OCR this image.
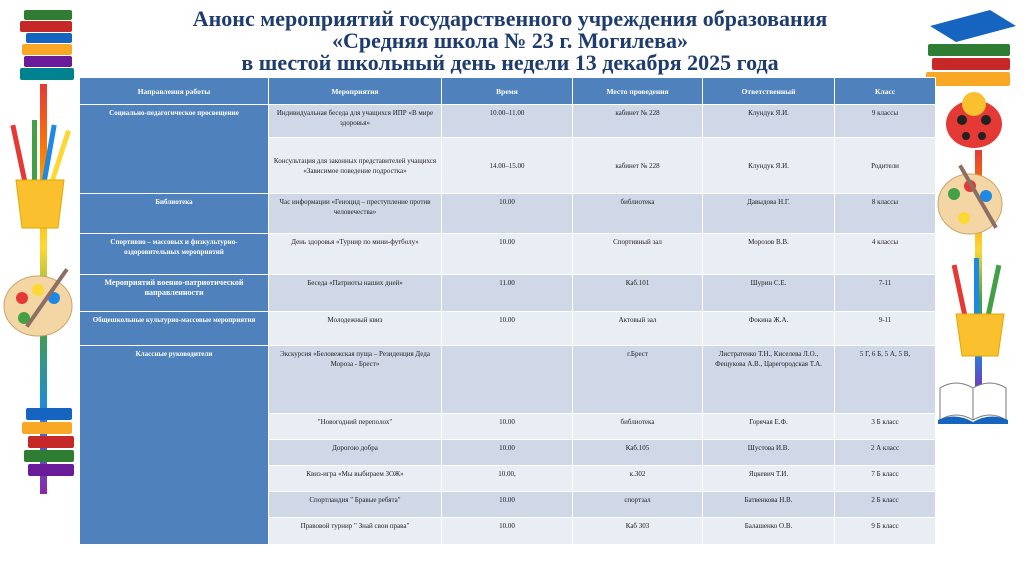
Анонс мероприятий государственного учреждения образования
«Средняя школа № 23 г. Могилева»
в шестой школьный день недели 13 декабря 2025 года
Направления работы	Мероприятия	Время	Место проведения	Ответственный	Класс
Социально-педагогическое просвещение	Индивидуальная беседа для учащихся ИПР «В мире здоровья»	10.00–11.00	кабинет № 228	Клундук Я.И.	9 классы
	Консультация для законных представителей учащихся «Зависимое поведение подростка»	14.00–15.00	кабинет № 228	Клундук Я.И.	Родители
Библиотека	Час информации «Геноцид – преступление против человечества»	10.00	библиотека	Давыдова Н.Г.	8 классы
Спортивно – массовых и физкультурно-оздоровительных мероприятий	День здоровья «Турнир по мини-футболу»	10.00	Спортивный зал	Морозов В.В.	4 классы
Мероприятий военно-патриотической направленности	Беседа «Патриоты наших дней»	11.00	Каб.101	Шурин С.Е.	7-11
Общешкольные культурно-массовые мероприятия	Молодежный квиз	10.00	Актовый зал	Фокина Ж.А.	9-11
Классные руководители	Экскурсия «Беловежская пуща – Резиденция Деда Мороза - Брест»		г.Брест	Листратенко Т.Н., Киселева Л.О., Фещукова А.В., Царегородская Т.А.	5 Г, 6 Б, 5 А, 5 В,
	"Новогодний переполох"	10.00	библиотека	Горячая Е.Ф.	3 Б класс
	Дорогою добра	10.00	Каб.105	Шустова И.В.	2 А класс
	Квиз-игра «Мы выбираем ЗОЖ»	10.00,	к.302	Яцкевич Т.И.	7 Б класс
	Спортландия " Бравые ребята"	10.00	спортзал	Батвенкова Н.В.	2 Б класс
	Правовой турнир " Знай свои права"	10.00	Каб 303	Балашенко О.В.	9 Б класс
